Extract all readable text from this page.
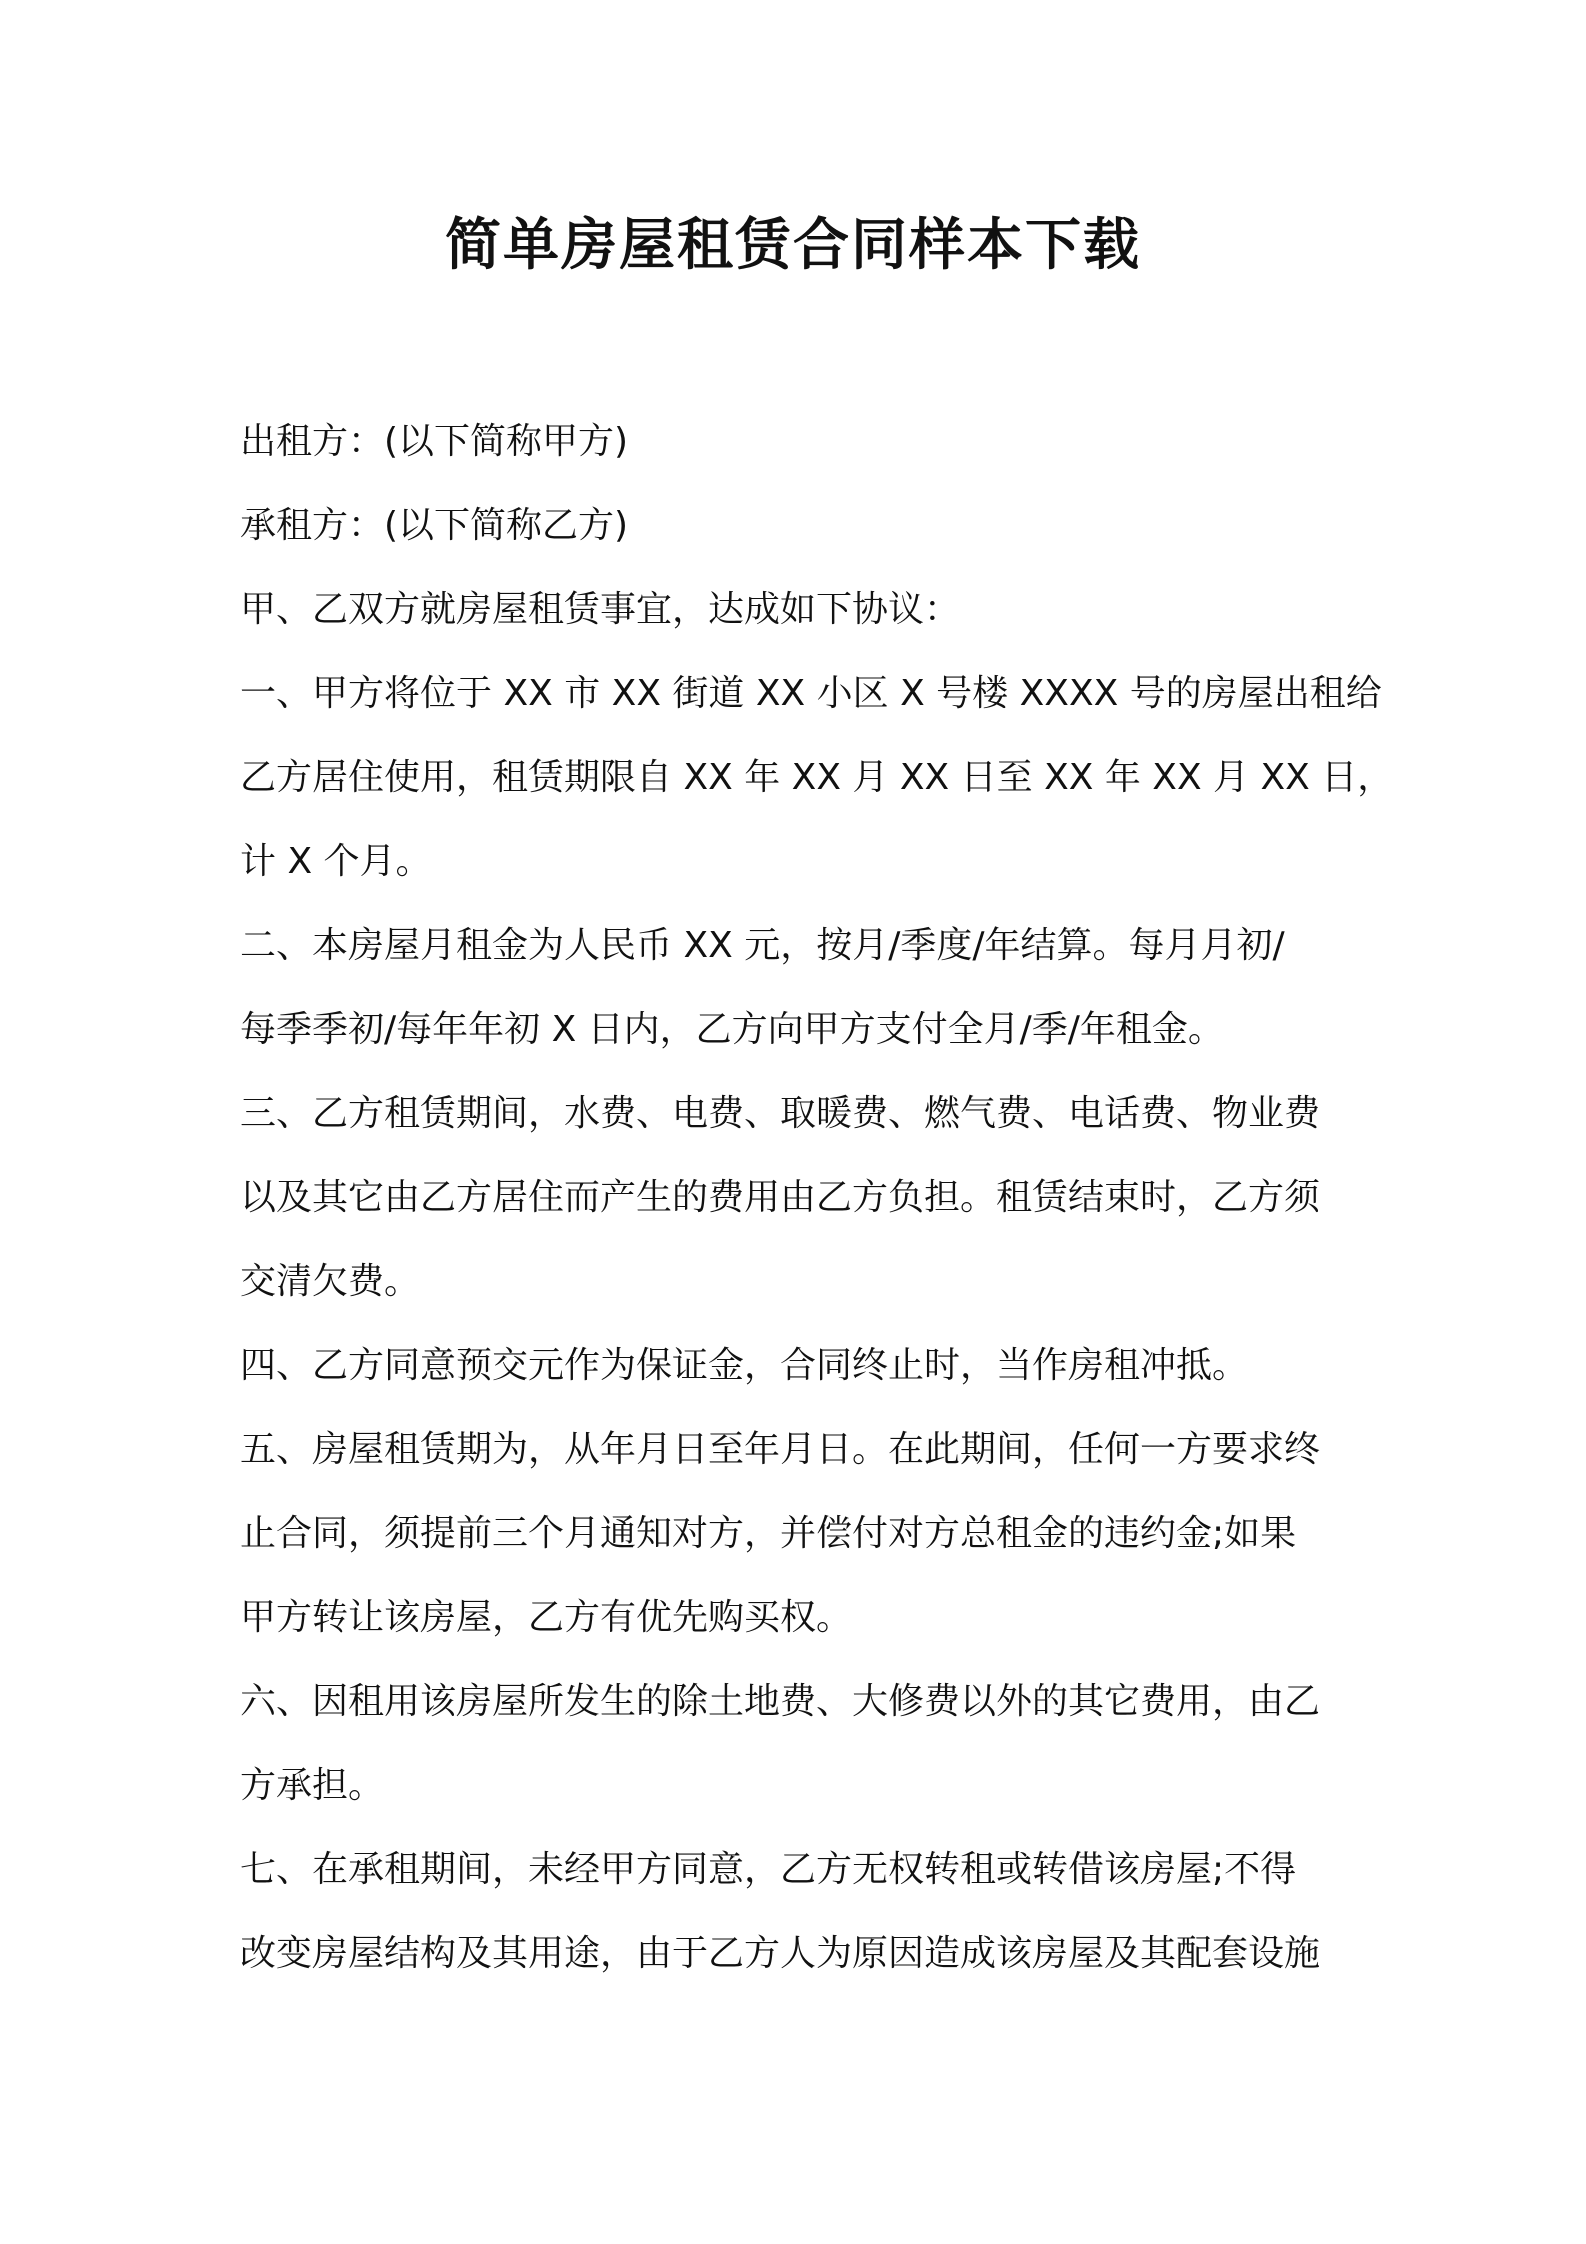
简单房屋租赁合同样本下载
出租方：(以下简称甲方)
承租方：(以下简称乙方)
甲、乙双方就房屋租赁事宜，达成如下协议：
一、甲方将位于 XX 市 XX 街道 XX 小区 X 号楼 XXXX 号的房屋出租给
乙方居住使用，租赁期限自 XX 年 XX 月 XX 日至 XX 年 XX 月 XX 日，
计 X 个月。
二、本房屋月租金为人民币 XX 元，按月/季度/年结算。每月月初/
每季季初/每年年初 X 日内，乙方向甲方支付全月/季/年租金。
三、乙方租赁期间，水费、电费、取暖费、燃气费、电话费、物业费
以及其它由乙方居住而产生的费用由乙方负担。租赁结束时，乙方须
交清欠费。
四、乙方同意预交元作为保证金，合同终止时，当作房租冲抵。
五、房屋租赁期为，从年月日至年月日。在此期间，任何一方要求终
止合同，须提前三个月通知对方，并偿付对方总租金的违约金;如果
甲方转让该房屋，乙方有优先购买权。
六、因租用该房屋所发生的除土地费、大修费以外的其它费用，由乙
方承担。
七、在承租期间，未经甲方同意，乙方无权转租或转借该房屋;不得
改变房屋结构及其用途，由于乙方人为原因造成该房屋及其配套设施
